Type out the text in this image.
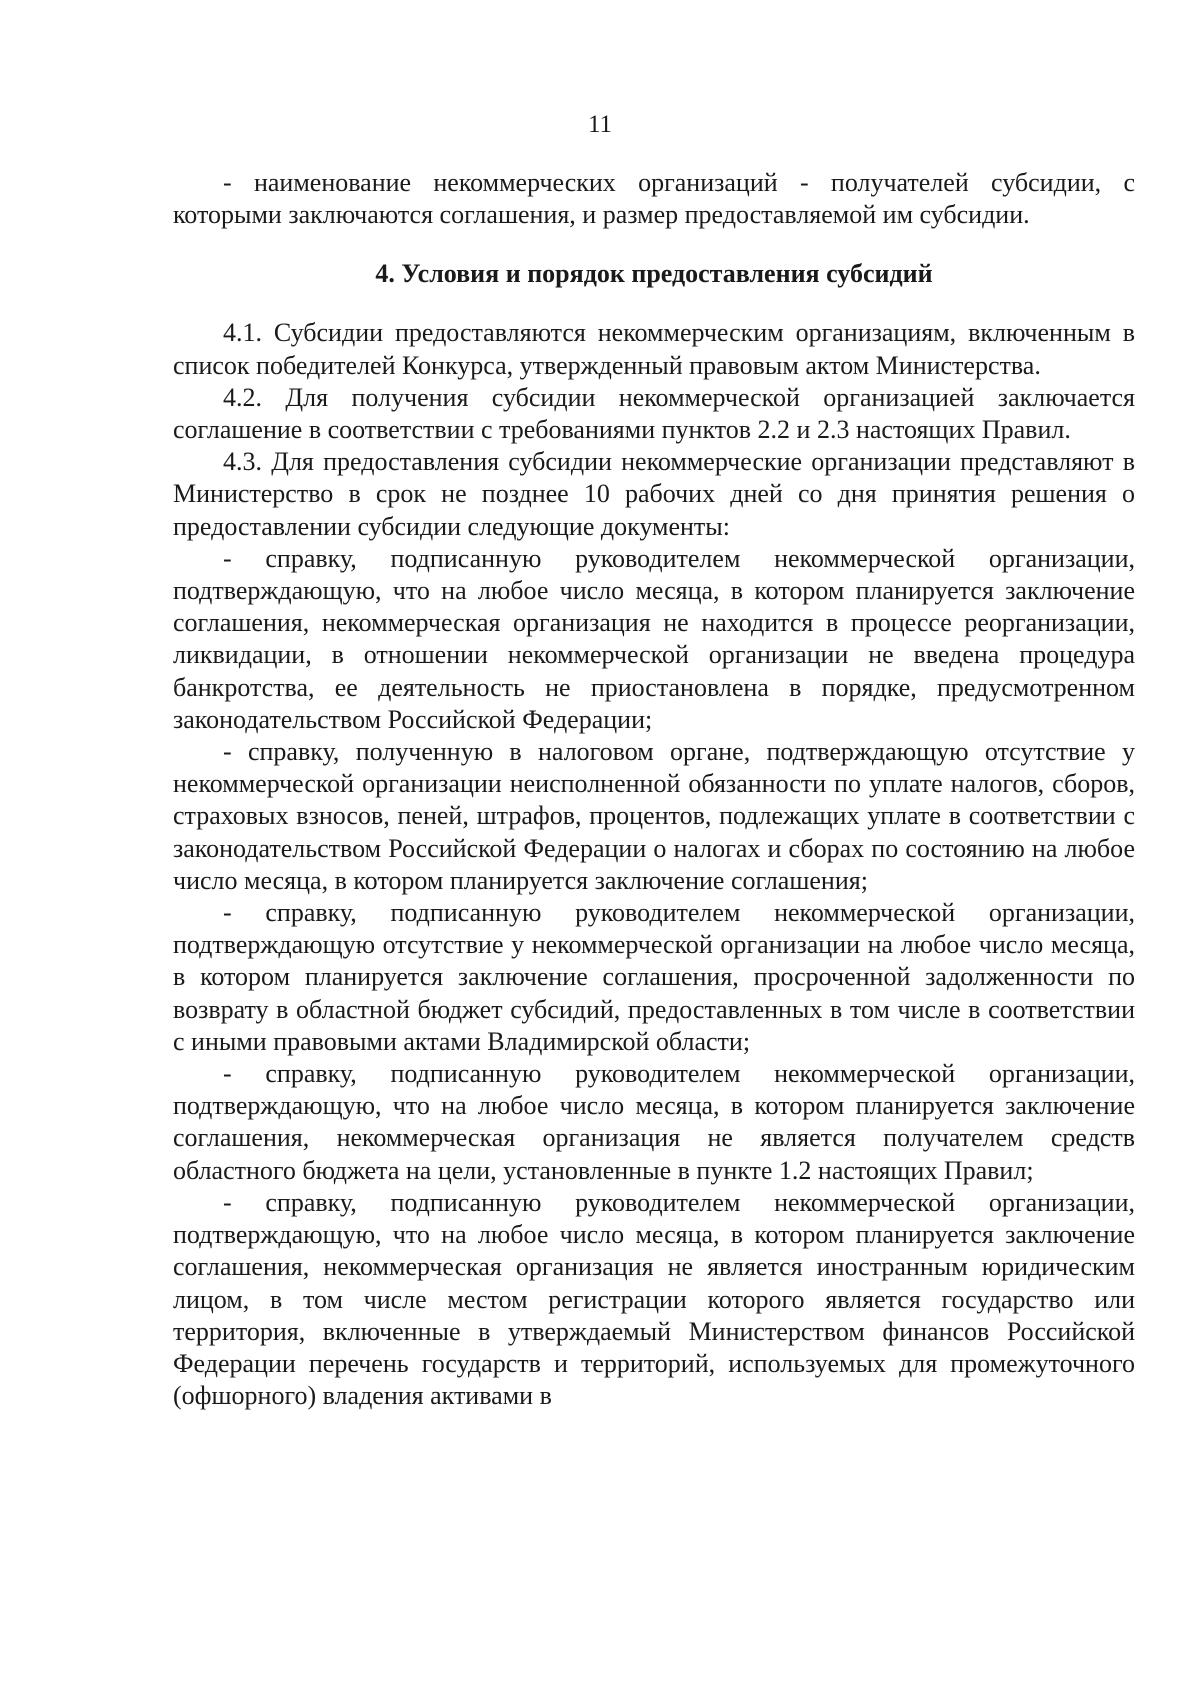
11

- наименование некоммерческих организаций - получателей субсидии, с которыми заключаются соглашения, и размер предоставляемой им субсидии.

4. Условия и порядок предоставления субсидий

4.1. Субсидии предоставляются некоммерческим организациям, включенным в список победителей Конкурса, утвержденный правовым актом Министерства.

4.2. Для получения субсидии некоммерческой организацией заключается соглашение в соответствии с требованиями пунктов 2.2 и 2.3 настоящих Правил.

4.3. Для предоставления субсидии некоммерческие организации представляют в Министерство в срок не позднее 10 рабочих дней со дня принятия решения о предоставлении субсидии следующие документы:

- справку, подписанную руководителем некоммерческой организации, подтверждающую, что на любое число месяца, в котором планируется заключение соглашения, некоммерческая организация не находится в процессе реорганизации, ликвидации, в отношении некоммерческой организации не введена процедура банкротства, ее деятельность не приостановлена в порядке, предусмотренном законодательством Российской Федерации;

- справку, полученную в налоговом органе, подтверждающую отсутствие у некоммерческой организации неисполненной обязанности по уплате налогов, сборов, страховых взносов, пеней, штрафов, процентов, подлежащих уплате в соответствии с законодательством Российской Федерации о налогах и сборах по состоянию на любое число месяца, в котором планируется заключение соглашения;

- справку, подписанную руководителем некоммерческой организации, подтверждающую отсутствие у некоммерческой организации на любое число месяца, в котором планируется заключение соглашения, просроченной задолженности по возврату в областной бюджет субсидий, предоставленных в том числе в соответствии с иными правовыми актами Владимирской области;

- справку, подписанную руководителем некоммерческой организации, подтверждающую, что на любое число месяца, в котором планируется заключение соглашения, некоммерческая организация не является получателем средств областного бюджета на цели, установленные в пункте 1.2 настоящих Правил;

- справку, подписанную руководителем некоммерческой организации, подтверждающую, что на любое число месяца, в котором планируется заключение соглашения, некоммерческая организация не является иностранным юридическим лицом, в том числе местом регистрации которого является государство или территория, включенные в утверждаемый Министерством финансов Российской Федерации перечень государств и территорий, используемых для промежуточного (офшорного) владения активами в
